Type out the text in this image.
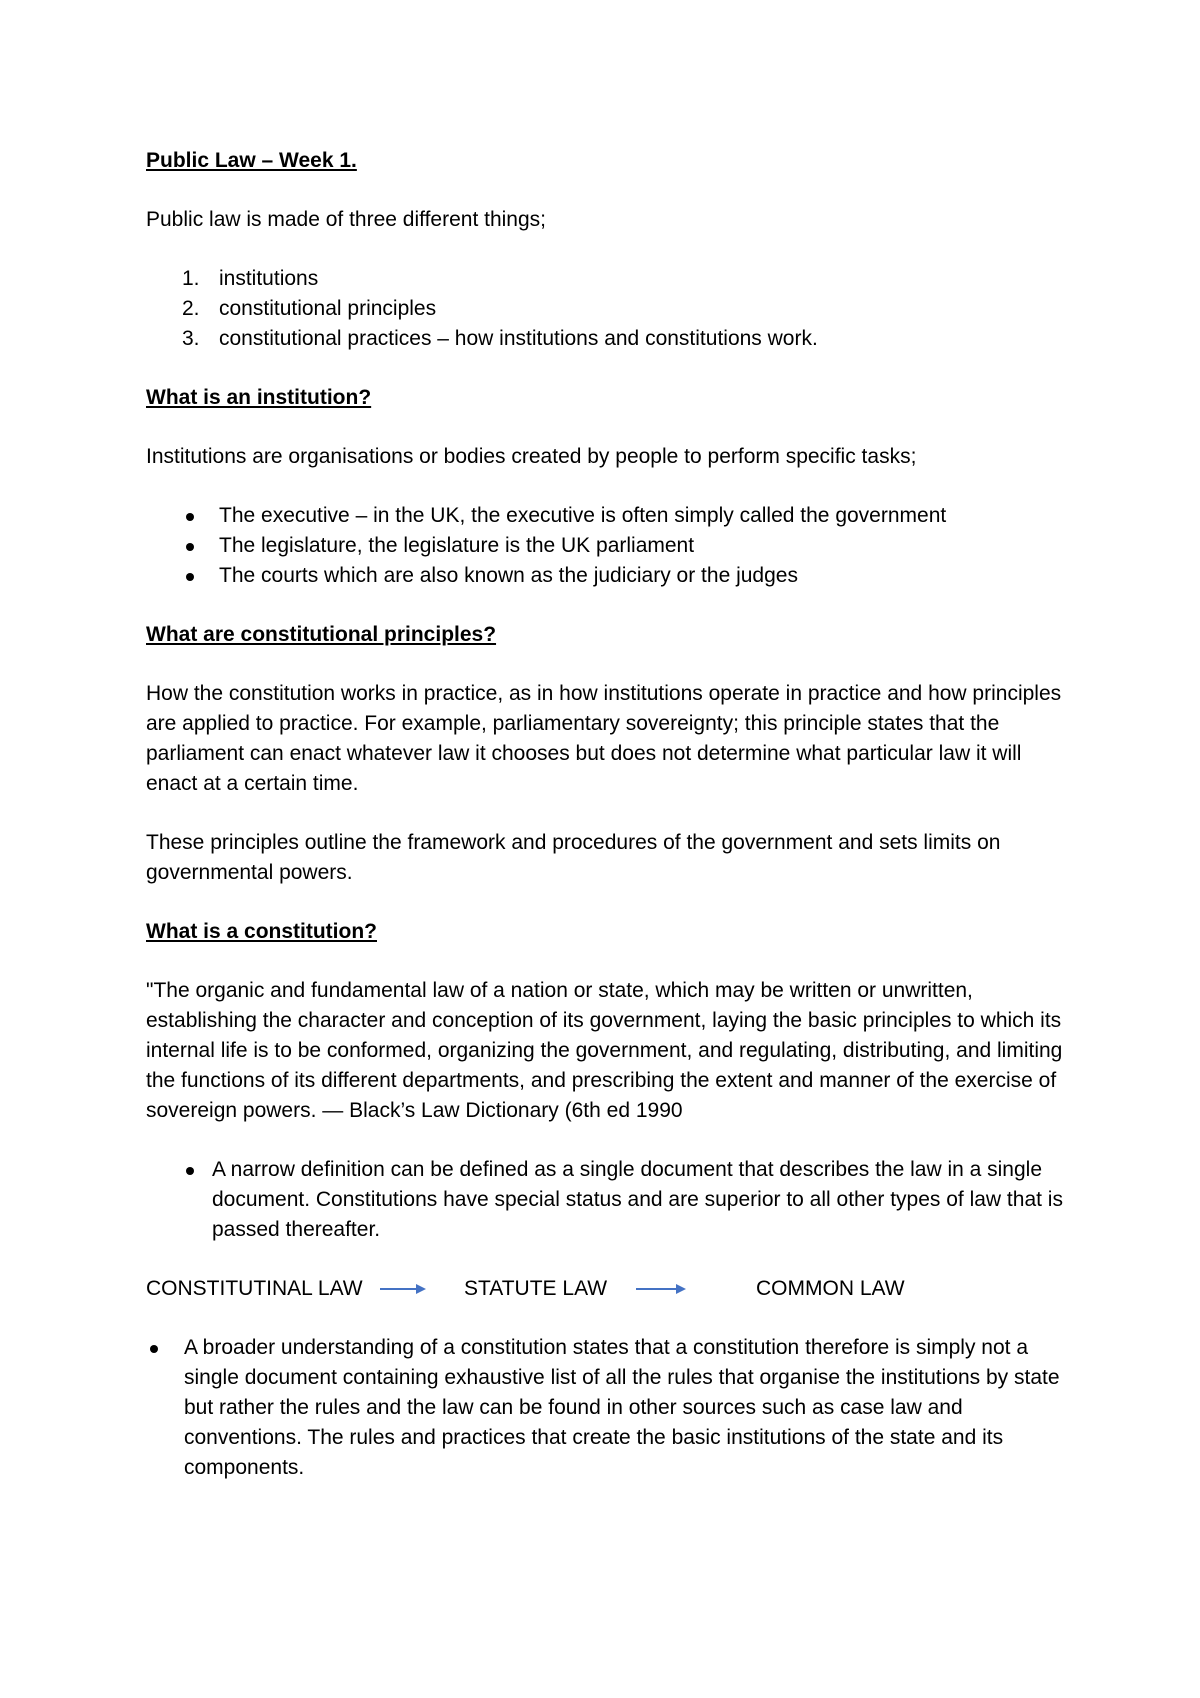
Public Law – Week 1.

Public law is made of three different things;

1. institutions
2. constitutional principles
3. constitutional practices – how institutions and constitutions work.
What is an institution?

Institutions are organisations or bodies created by people to perform specific tasks;

The executive – in the UK, the executive is often simply called the government
The legislature, the legislature is the UK parliament
The courts which are also known as the judiciary or the judges
What are constitutional principles?

How the constitution works in practice, as in how institutions operate in practice and how principles are applied to practice. For example, parliamentary sovereignty; this principle states that the parliament can enact whatever law it chooses but does not determine what particular law it will enact at a certain time.

These principles outline the framework and procedures of the government and sets limits on governmental powers.

What is a constitution?

"The organic and fundamental law of a nation or state, which may be written or unwritten, establishing the character and conception of its government, laying the basic principles to which its internal life is to be conformed, organizing the government, and regulating, distributing, and limiting the functions of its different departments, and prescribing the extent and manner of the exercise of sovereign powers. — Black’s Law Dictionary (6th ed 1990

A narrow definition can be defined as a single document that describes the law in a single document. Constitutions have special status and are superior to all other types of law that is passed thereafter.
CONSTITUTINAL LAW	STATUTE LAW	COMMON LAW
A broader understanding of a constitution states that a constitution therefore is simply not a single document containing exhaustive list of all the rules that organise the institutions by state but rather the rules and the law can be found in other sources such as case law and conventions. The rules and practices that create the basic institutions of the state and its components.
